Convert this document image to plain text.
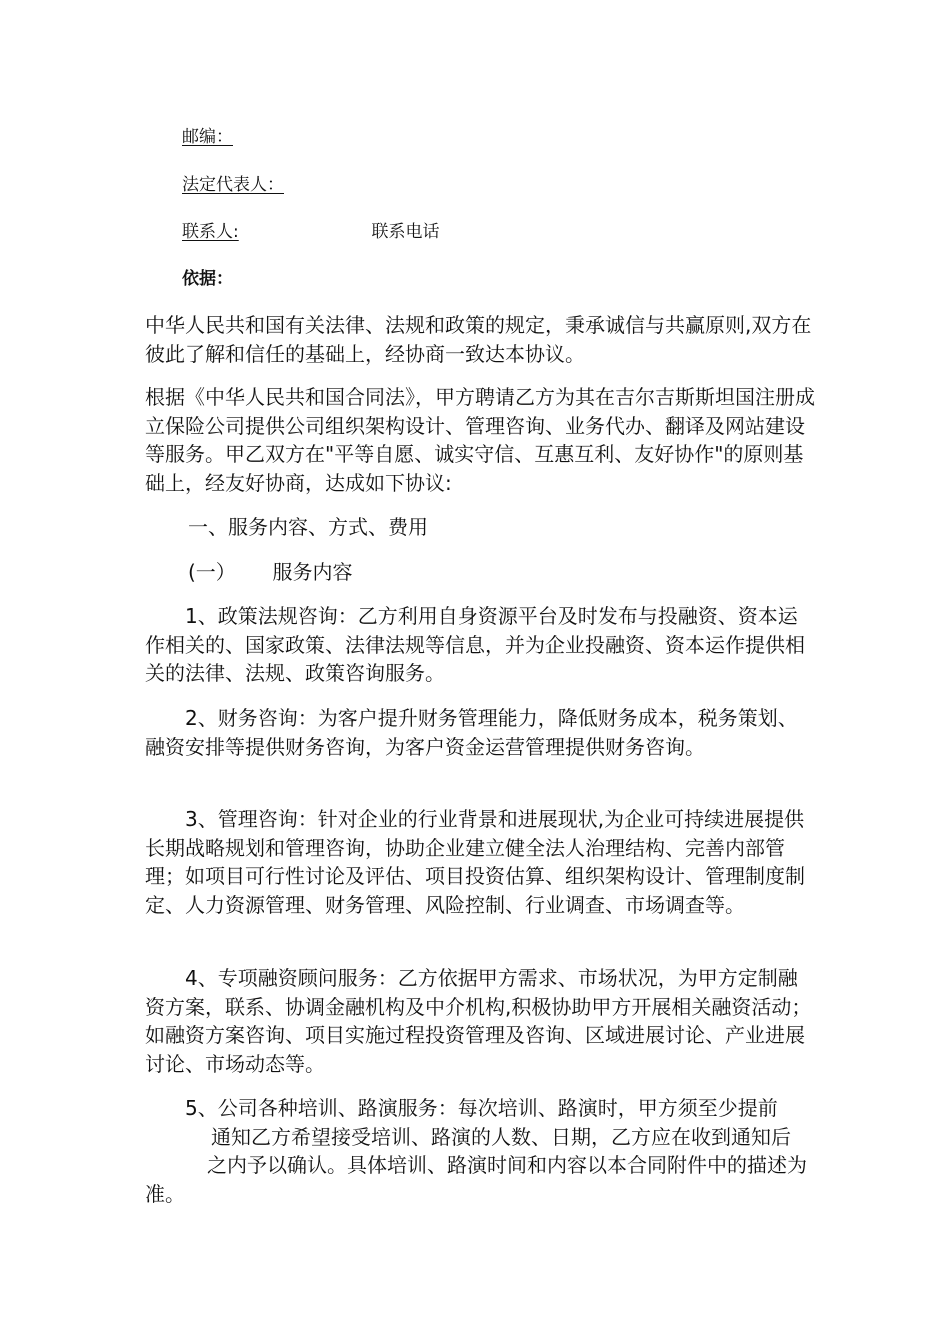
邮编：
法定代表人：
联系人:	联系电话
依据：

中华人民共和国有关法律、法规和政策的规定，秉承诚信与共赢原则,双方在彼此了解和信任的基础上，经协商一致达本协议。

根据《中华人民共和国合同法》，甲方聘请乙方为其在吉尔吉斯斯坦国注册成立保险公司提供公司组织架构设计、管理咨询、业务代办、翻译及网站建设等服务。甲乙双方在"平等自愿、诚实守信、互惠互利、友好协作"的原则基础上，经友好协商，达成如下协议:

一、服务内容、方式、费用
(一） 服务内容

1、政策法规咨询：乙方利用自身资源平台及时发布与投融资、资本运作相关的、国家政策、法律法规等信息，并为企业投融资、资本运作提供相关的法律、法规、政策咨询服务。

2、财务咨询：为客户提升财务管理能力，降低财务成本，税务策划、融资安排等提供财务咨询，为客户资金运营管理提供财务咨询。

3、管理咨询：针对企业的行业背景和进展现状,为企业可持续进展提供长期战略规划和管理咨询，协助企业建立健全法人治理结构、完善内部管理；如项目可行性讨论及评估、项目投资估算、组织架构设计、管理制度制定、人力资源管理、财务管理、风险控制、行业调查、市场调查等。

4、专项融资顾问服务：乙方依据甲方需求、市场状况，为甲方定制融资方案，联系、协调金融机构及中介机构,积极协助甲方开展相关融资活动；如融资方案咨询、项目实施过程投资管理及咨询、区域进展讨论、产业进展讨论、市场动态等。

5、公司各种培训、路演服务：每次培训、路演时，甲方须至少提前通知乙方希望接受培训、路演的人数、日期，乙方应在收到通知后之内予以确认。具体培训、路演时间和内容以本合同附件中的描述为准。
